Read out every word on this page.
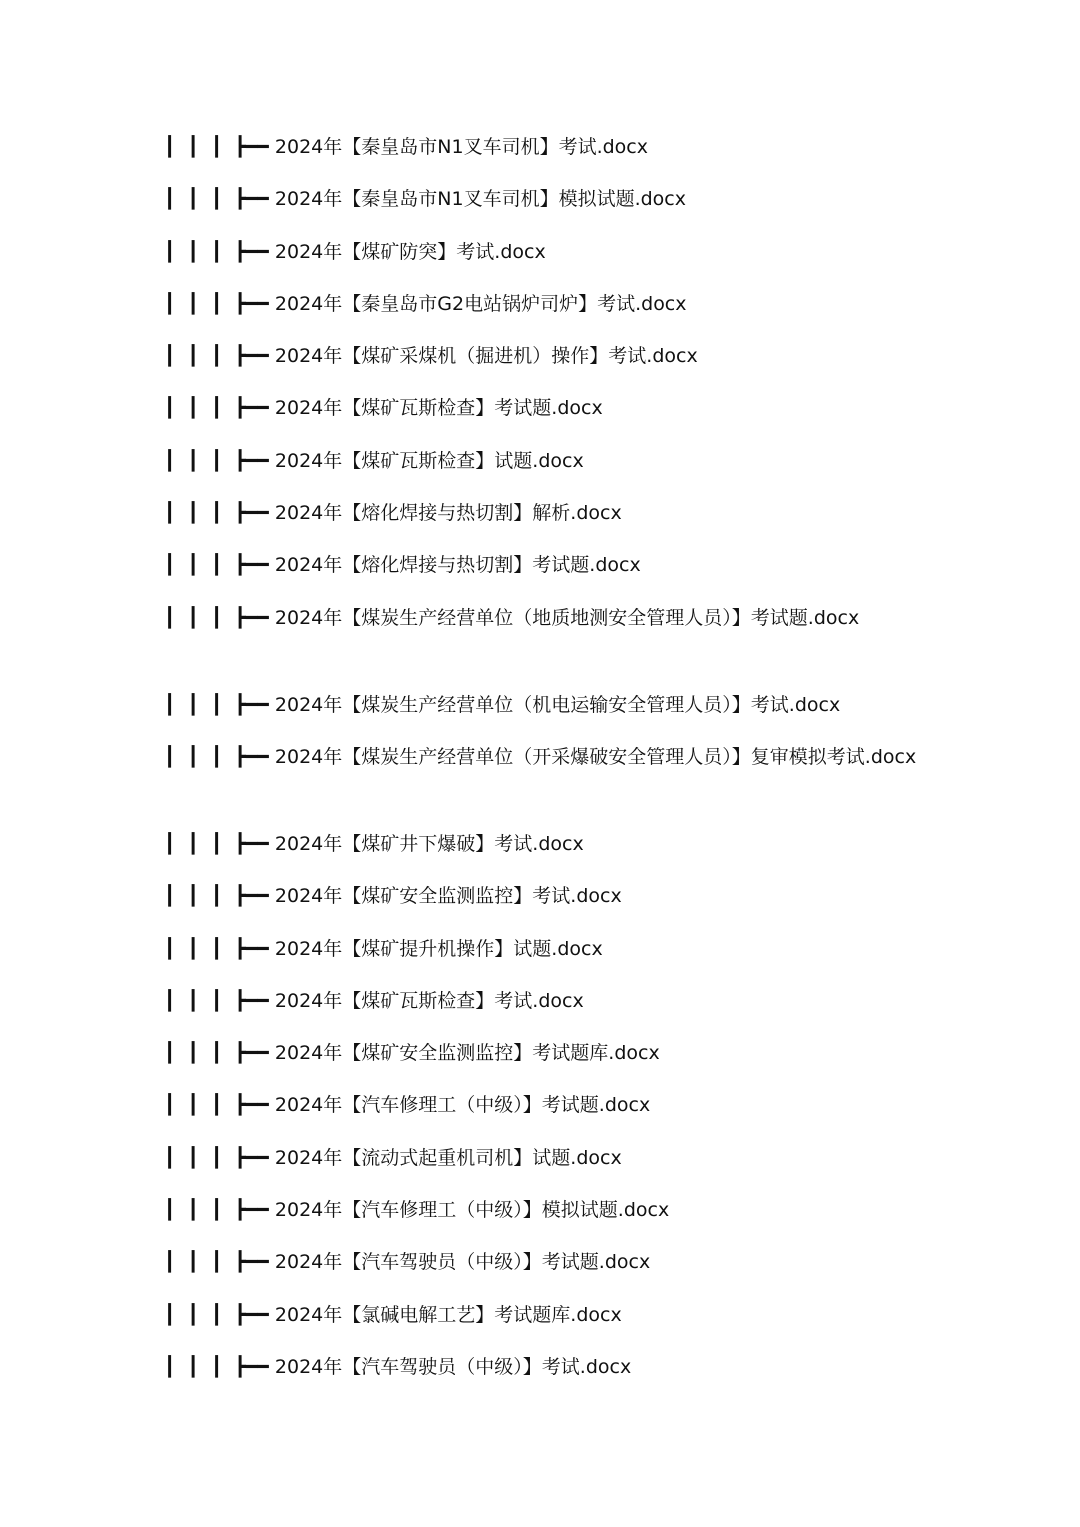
┃  ┃  ┃  ┣━━ 2024年【秦皇岛市N1叉车司机】考试.docx
┃  ┃  ┃  ┣━━ 2024年【秦皇岛市N1叉车司机】模拟试题.docx
┃  ┃  ┃  ┣━━ 2024年【煤矿防突】考试.docx
┃  ┃  ┃  ┣━━ 2024年【秦皇岛市G2电站锅炉司炉】考试.docx
┃  ┃  ┃  ┣━━ 2024年【煤矿采煤机（掘进机）操作】考试.docx
┃  ┃  ┃  ┣━━ 2024年【煤矿瓦斯检查】考试题.docx
┃  ┃  ┃  ┣━━ 2024年【煤矿瓦斯检查】试题.docx
┃  ┃  ┃  ┣━━ 2024年【熔化焊接与热切割】解析.docx
┃  ┃  ┃  ┣━━ 2024年【熔化焊接与热切割】考试题.docx
┃  ┃  ┃  ┣━━ 2024年【煤炭生产经营单位（地质地测安全管理人员）】考试题.docx
┃  ┃  ┃  ┣━━ 2024年【煤炭生产经营单位（机电运输安全管理人员）】考试.docx
┃  ┃  ┃  ┣━━ 2024年【煤炭生产经营单位（开采爆破安全管理人员）】复审模拟考试.docx
┃  ┃  ┃  ┣━━ 2024年【煤矿井下爆破】考试.docx
┃  ┃  ┃  ┣━━ 2024年【煤矿安全监测监控】考试.docx
┃  ┃  ┃  ┣━━ 2024年【煤矿提升机操作】试题.docx
┃  ┃  ┃  ┣━━ 2024年【煤矿瓦斯检查】考试.docx
┃  ┃  ┃  ┣━━ 2024年【煤矿安全监测监控】考试题库.docx
┃  ┃  ┃  ┣━━ 2024年【汽车修理工（中级）】考试题.docx
┃  ┃  ┃  ┣━━ 2024年【流动式起重机司机】试题.docx
┃  ┃  ┃  ┣━━ 2024年【汽车修理工（中级）】模拟试题.docx
┃  ┃  ┃  ┣━━ 2024年【汽车驾驶员（中级）】考试题.docx
┃  ┃  ┃  ┣━━ 2024年【氯碱电解工艺】考试题库.docx
┃  ┃  ┃  ┣━━ 2024年【汽车驾驶员（中级）】考试.docx
